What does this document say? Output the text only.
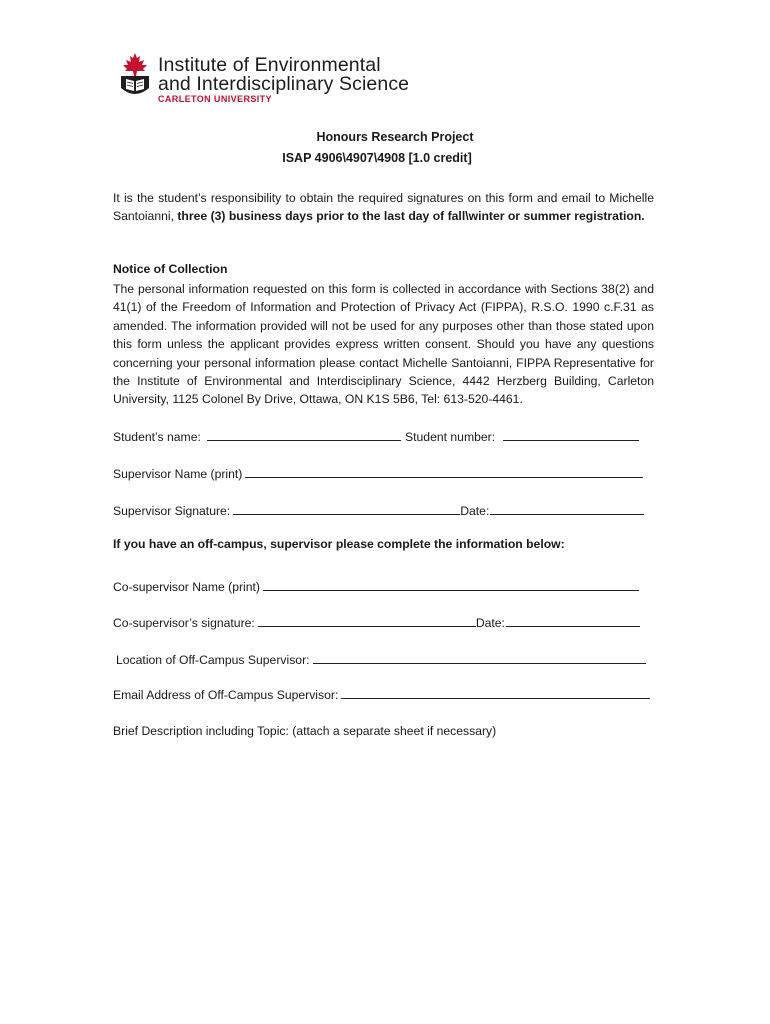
Institute of Environmental
and Interdisciplinary Science
CARLETON UNIVERSITY
Honours Research Project
ISAP 4906\4907\4908 [1.0 credit]
It is the student’s responsibility to obtain the required signatures on this form and email to Michelle Santoianni, three (3) business days prior to the last day of fall\winter or summer registration.
Notice of Collection
The personal information requested on this form is collected in accordance with Sections 38(2) and 41(1) of the Freedom of Information and Protection of Privacy Act (FIPPA), R.S.O. 1990 c.F.31 as amended. The information provided will not be used for any purposes other than those stated upon this form unless the applicant provides express written consent. Should you have any questions concerning your personal information please contact Michelle Santoianni, FIPPA Representative for the Institute of Environmental and Interdisciplinary Science, 4442 Herzberg Building, Carleton University, 1125 Colonel By Drive, Ottawa, ON K1S 5B6, Tel: 613-520-4461.
Student’s name:	Student number:
Supervisor Name (print)
Supervisor Signature:	Date:
If you have an off-campus, supervisor please complete the information below:
Co-supervisor Name (print)
Co-supervisor’s signature:	Date:
Location of Off-Campus Supervisor:
Email Address of Off-Campus Supervisor:
Brief Description including Topic: (attach a separate sheet if necessary)
